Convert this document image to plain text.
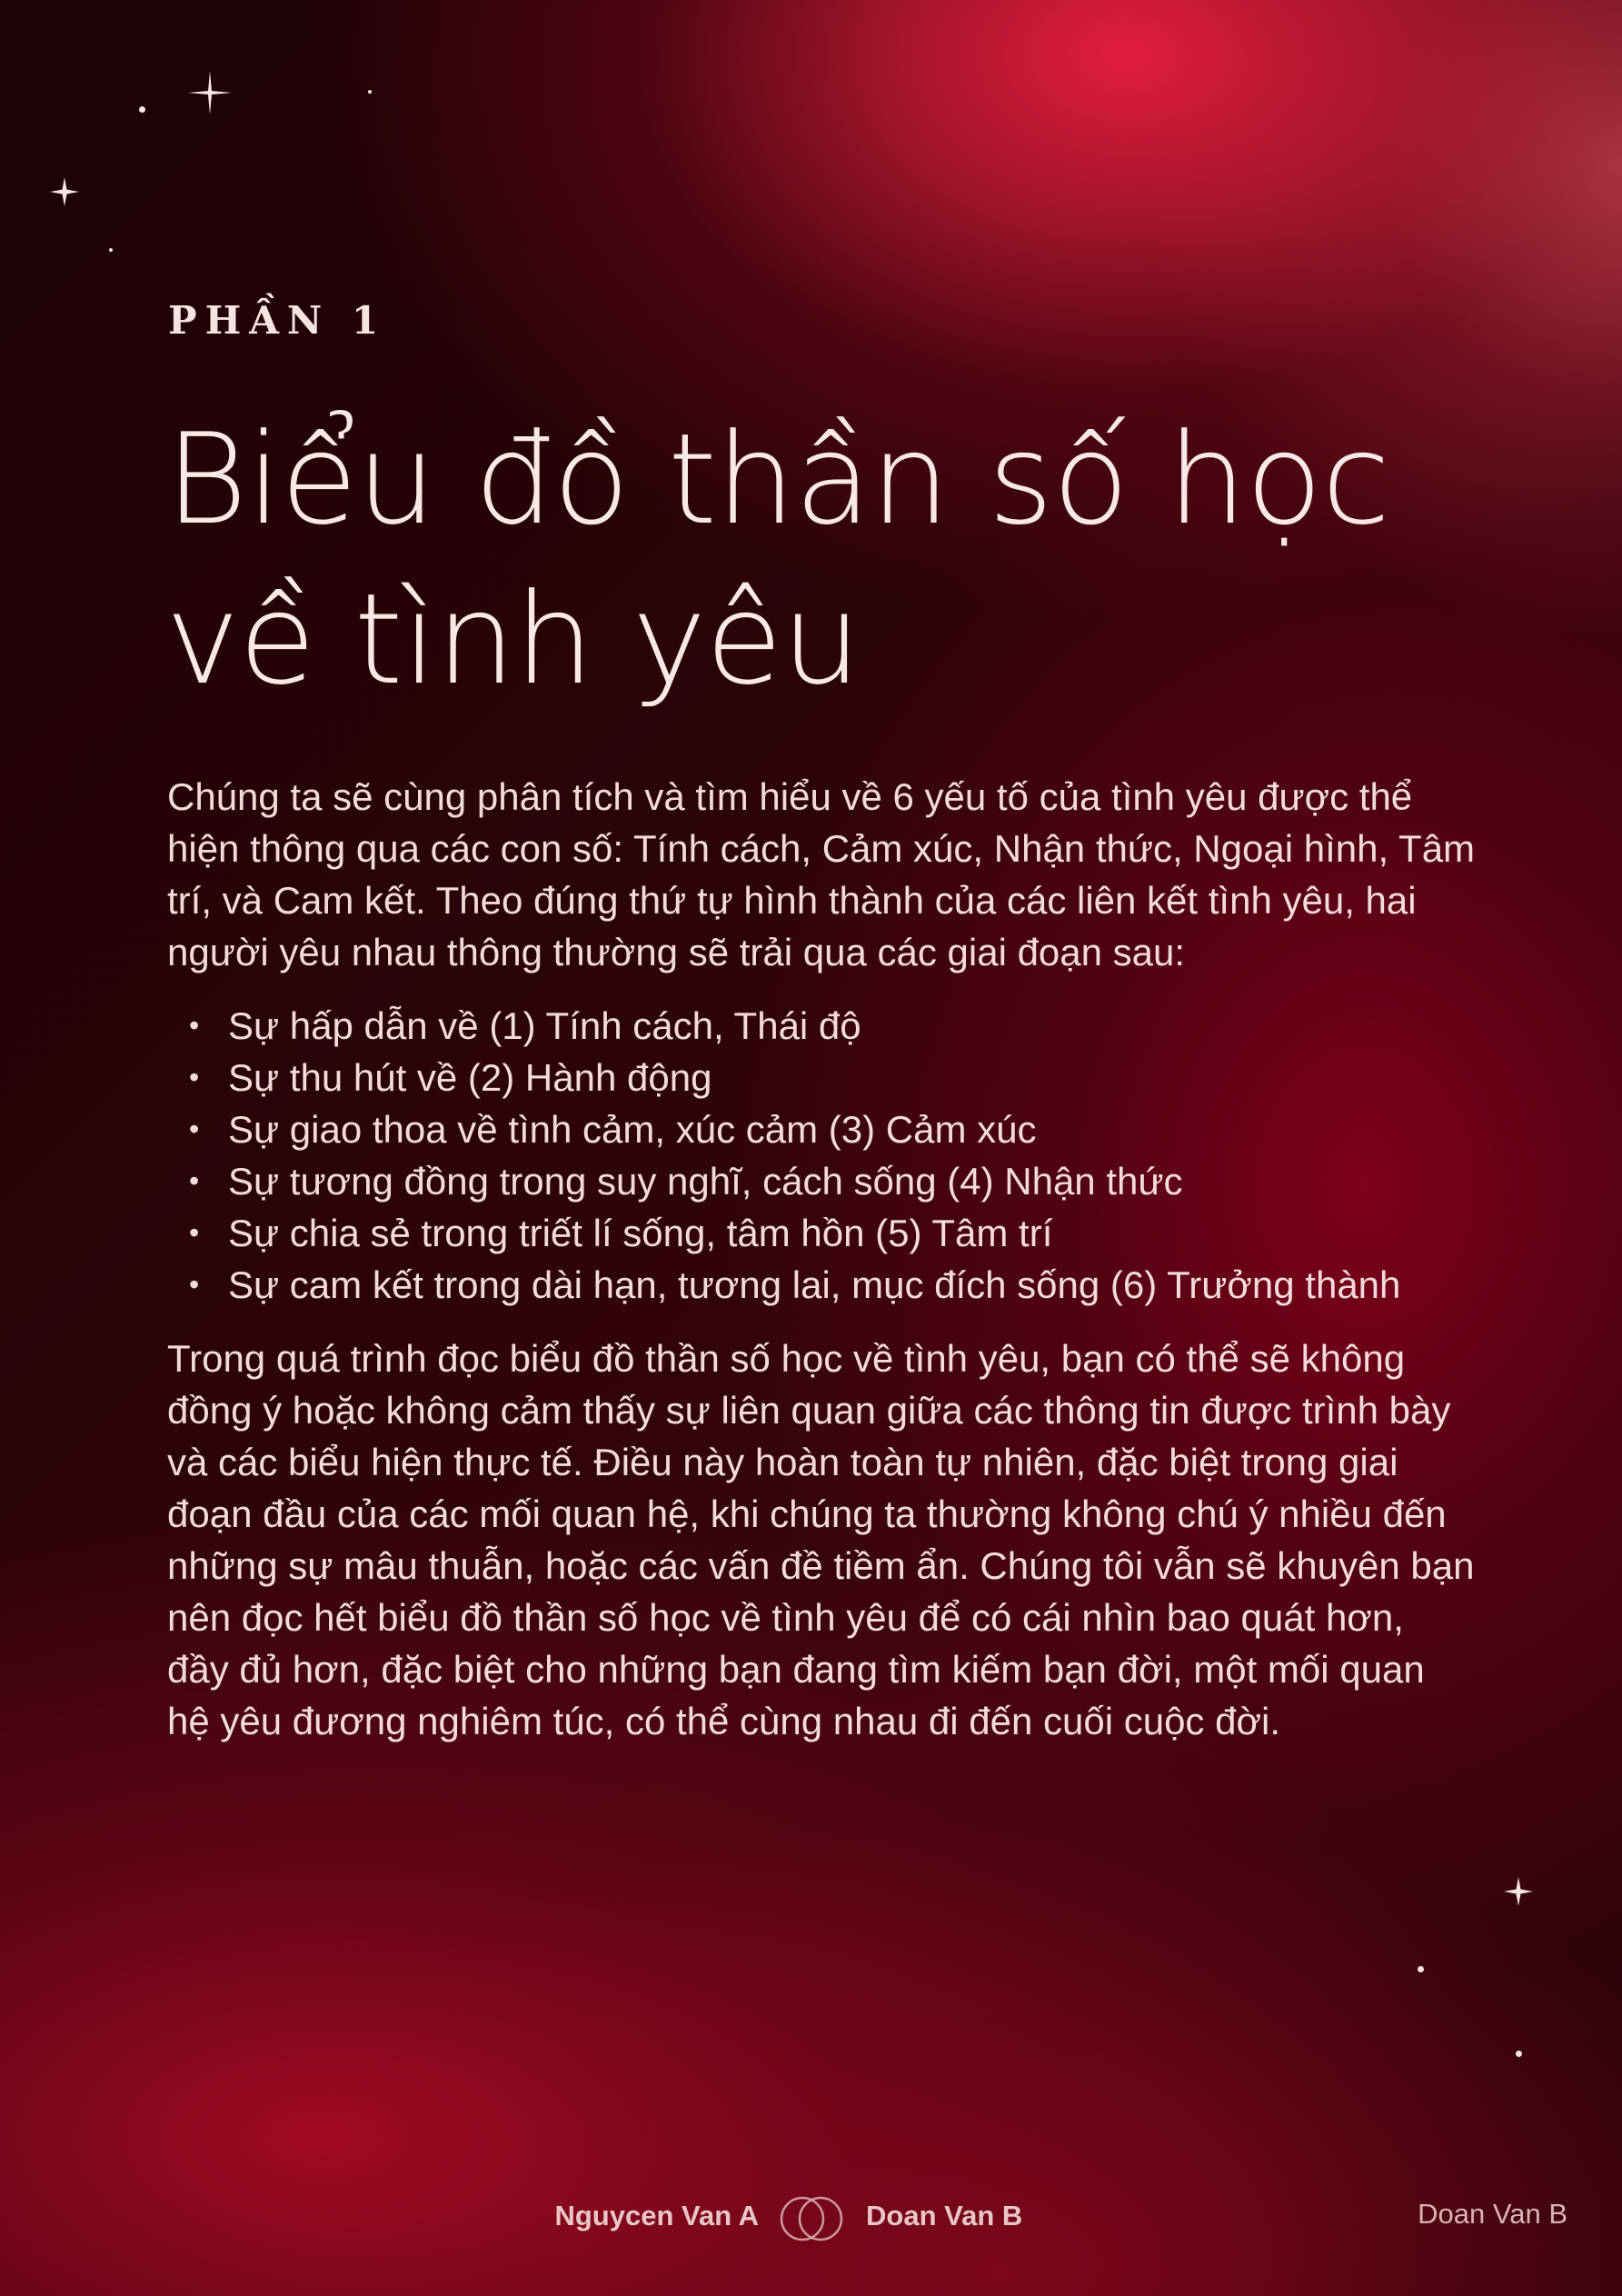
PHẦN 1
Biểu đồ thần số học về tình yêu

Chúng ta sẽ cùng phân tích và tìm hiểu về 6 yếu tố của tình yêu được thể hiện thông qua các con số: Tính cách, Cảm xúc, Nhận thức, Ngoại hình, Tâm trí, và Cam kết. Theo đúng thứ tự hình thành của các liên kết tình yêu, hai người yêu nhau thông thường sẽ trải qua các giai đoạn sau:

• Sự hấp dẫn về (1) Tính cách, Thái độ
• Sự thu hút về (2) Hành động
• Sự giao thoa về tình cảm, xúc cảm (3) Cảm xúc
• Sự tương đồng trong suy nghĩ, cách sống (4) Nhận thức
• Sự chia sẻ trong triết lí sống, tâm hồn (5) Tâm trí
• Sự cam kết trong dài hạn, tương lai, mục đích sống (6) Trưởng thành

Trong quá trình đọc biểu đồ thần số học về tình yêu, bạn có thể sẽ không đồng ý hoặc không cảm thấy sự liên quan giữa các thông tin được trình bày và các biểu hiện thực tế. Điều này hoàn toàn tự nhiên, đặc biệt trong giai đoạn đầu của các mối quan hệ, khi chúng ta thường không chú ý nhiều đến những sự mâu thuẫn, hoặc các vấn đề tiềm ẩn. Chúng tôi vẫn sẽ khuyên bạn nên đọc hết biểu đồ thần số học về tình yêu để có cái nhìn bao quát hơn, đầy đủ hơn, đặc biệt cho những bạn đang tìm kiếm bạn đời, một mối quan hệ yêu đương nghiêm túc, có thể cùng nhau đi đến cuối cuộc đời.

Nguycen Van A	Doan Van B	Doan Van B
